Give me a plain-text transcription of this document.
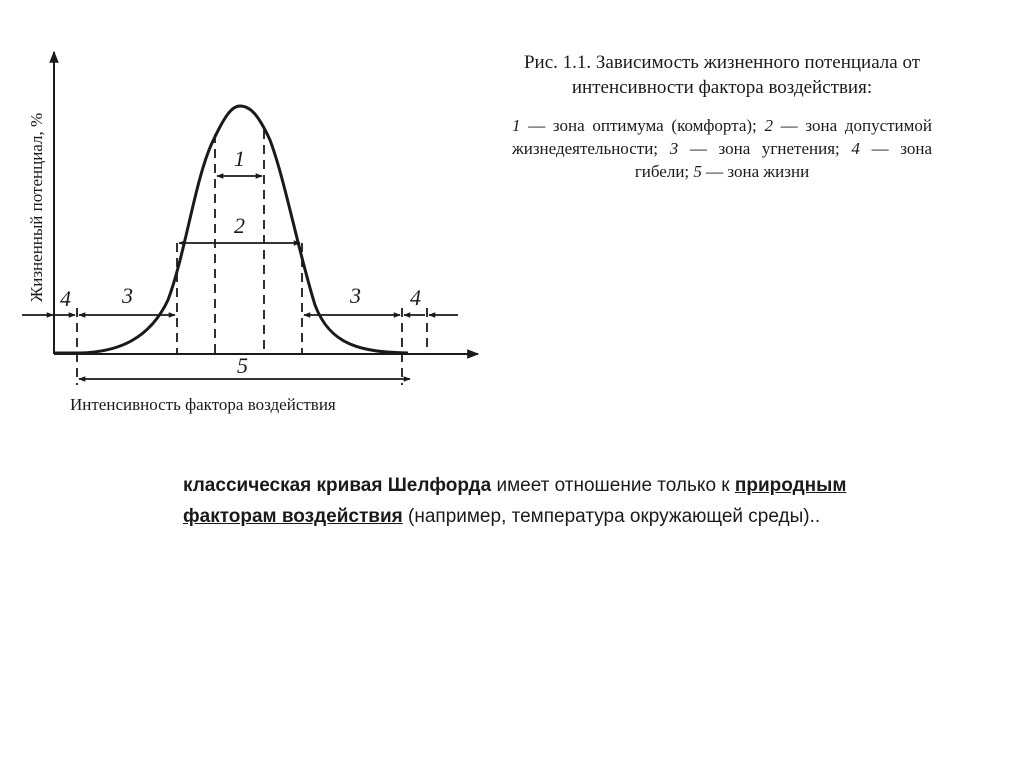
Жизненный потенциал, %	1
2
4 3	3 4
5
Интенсивность фактора воздействия

Рис. 1.1. Зависимость жизненного потенциала от интенсивности фактора воздействия:

1 — зона оптимума (комфорта); 2 — зона допустимой жизнедеятельности; 3 — зона угнетения; 4 — зона гибели; 5 — зона жизни

классическая кривая Шелфорда имеет отношение только к природным факторам воздействия (например, температура окружающей среды)..
